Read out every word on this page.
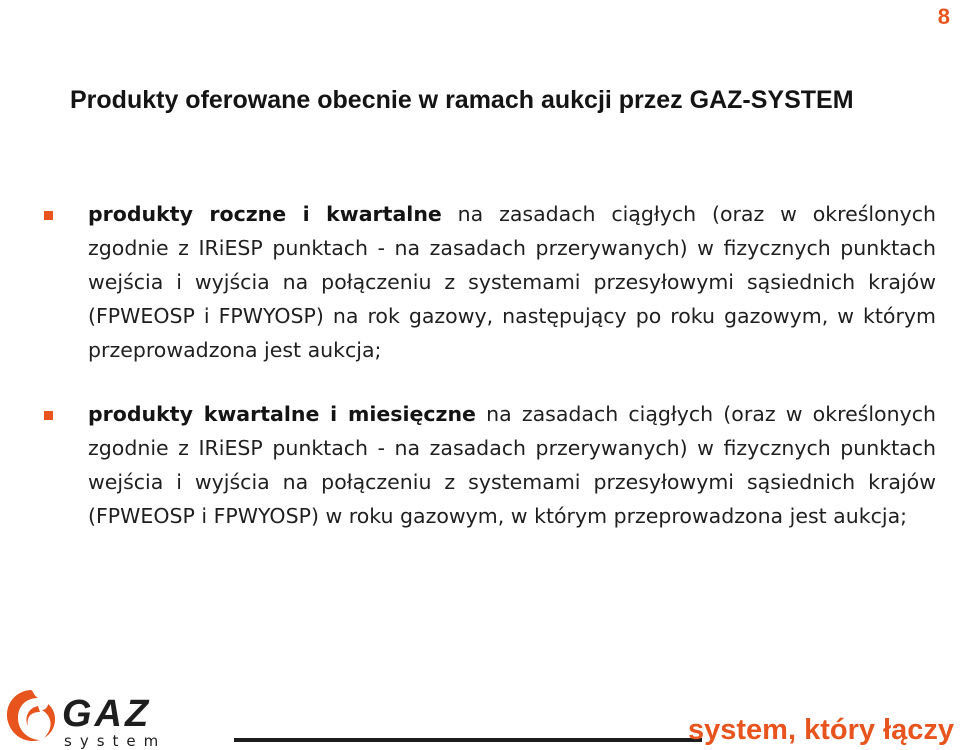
8
Produkty oferowane obecnie w ramach aukcji przez GAZ-SYSTEM
produkty roczne i kwartalne na zasadach ciągłych (oraz w określonych zgodnie z IRiESP punktach - na zasadach przerywanych) w fizycznych punktach wejścia i wyjścia na połączeniu z systemami przesyłowymi sąsiednich krajów (FPWEOSP i FPWYOSP) na rok gazowy, następujący po roku gazowym, w którym przeprowadzona jest aukcja;
produkty kwartalne i miesięczne na zasadach ciągłych (oraz w określonych zgodnie z IRiESP punktach - na zasadach przerywanych) w fizycznych punktach wejścia i wyjścia na połączeniu z systemami przesyłowymi sąsiednich krajów (FPWEOSP i FPWYOSP) w roku gazowym, w którym przeprowadzona jest aukcja;
GAZ
system	system, który łączy
